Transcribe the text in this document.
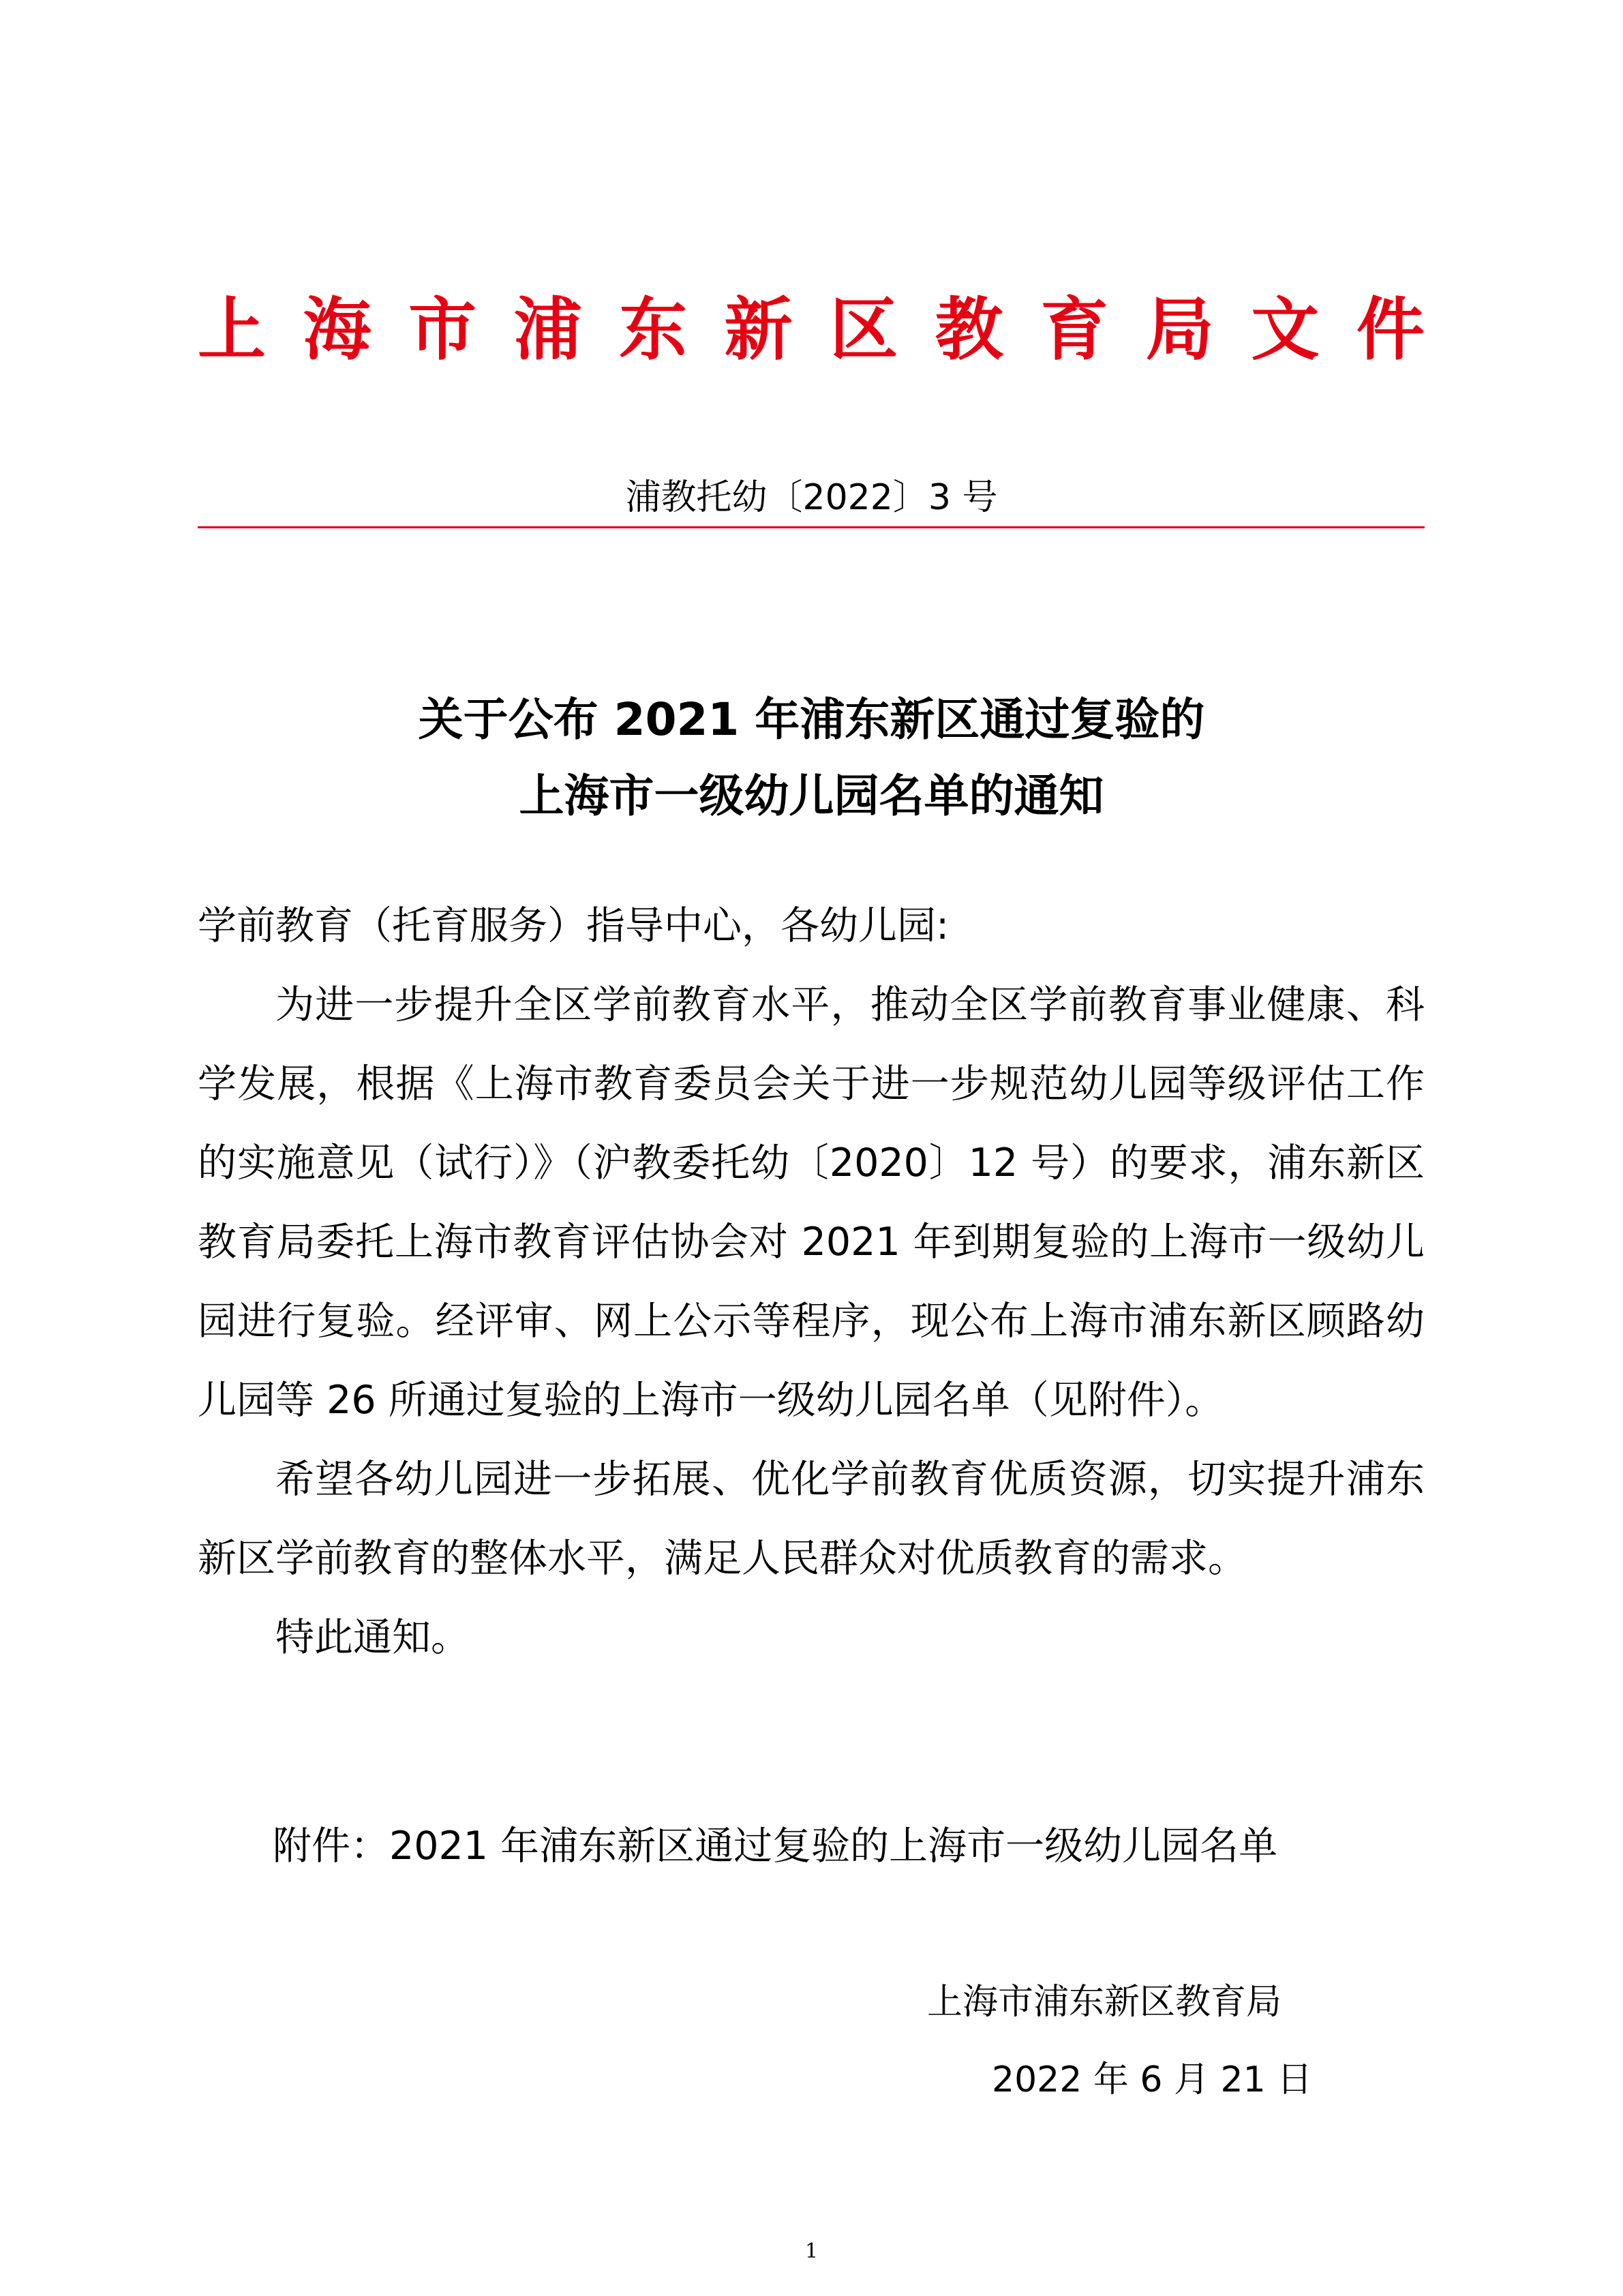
上 海 市 浦 东 新 区 教 育 局 文 件
浦教托幼〔2022〕3 号
关于公布 2021 年浦东新区通过复验的
上海市一级幼儿园名单的通知

学前教育（托育服务）指导中心，各幼儿园:

为进一步提升全区学前教育水平，推动全区学前教育事业健康、科学发展，根据《上海市教育委员会关于进一步规范幼儿园等级评估工作的实施意见（试行）》（沪教委托幼〔2020〕12 号）的要求，浦东新区教育局委托上海市教育评估协会对 2021 年到期复验的上海市一级幼儿园进行复验。经评审、网上公示等程序，现公布上海市浦东新区顾路幼儿园等 26 所通过复验的上海市一级幼儿园名单（见附件）。

希望各幼儿园进一步拓展、优化学前教育优质资源，切实提升浦东新区学前教育的整体水平，满足人民群众对优质教育的需求。

特此通知。

附件：2021 年浦东新区通过复验的上海市一级幼儿园名单
上海市浦东新区教育局
2022 年 6 月 21 日
1
